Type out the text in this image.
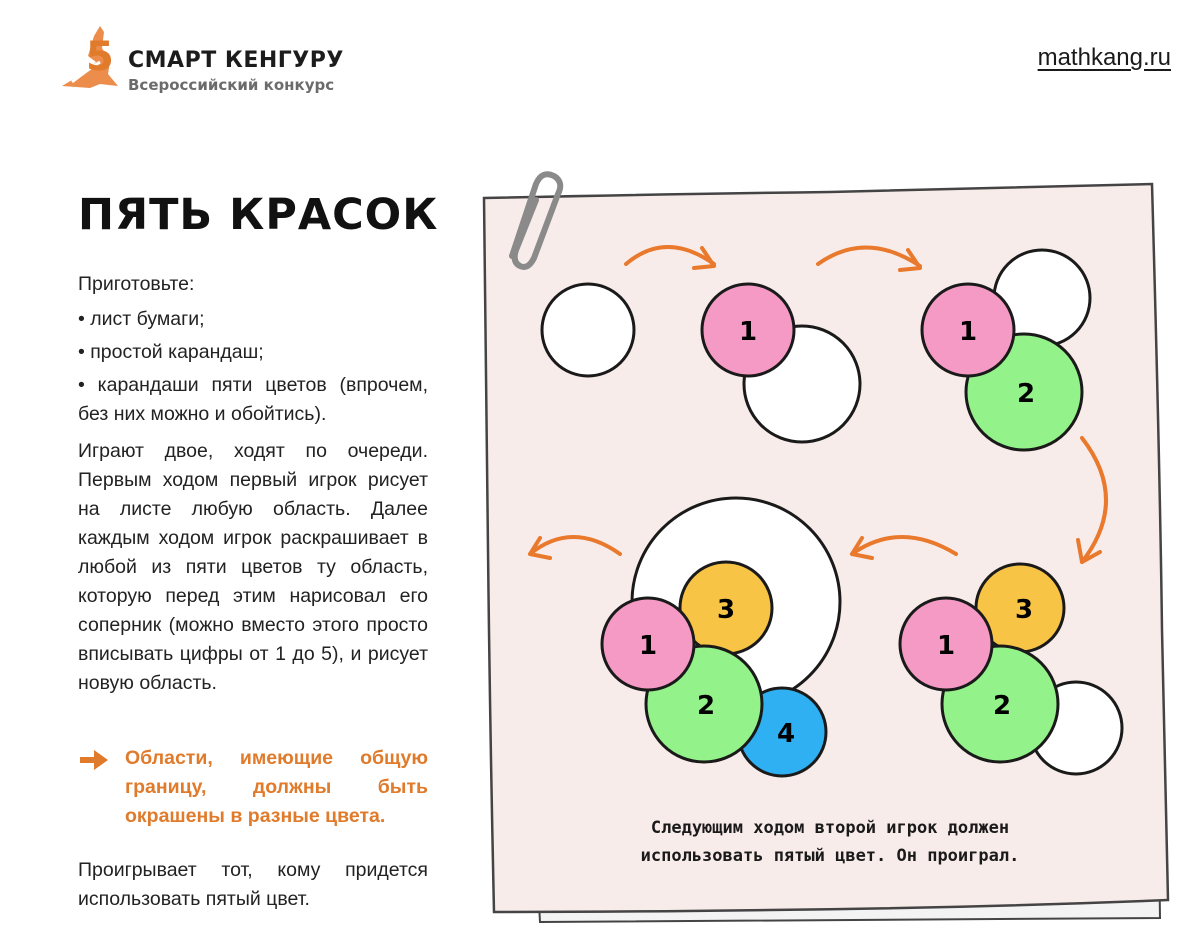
5 СМАРТ КЕНГУРУ
Всероссийский конкурс
mathkang.ru
ПЯТЬ КРАСОК

Приготовьте:

• лист бумаги;
• простой карандаш;
• карандаши пяти цветов (впрочем, без них можно и обойтись).

Играют двое, ходят по очереди. Первым ходом первый игрок рисует на листе любую область. Далее каждым ходом игрок раскрашивает в любой из пяти цветов ту область, которую перед этим нарисовал его соперник (можно вместо этого просто вписывать цифры от 1 до 5), и рисует новую область.

Области, имеющие общую границу, должны быть окрашены в разные цвета.

Проигрывает тот, кому придется использовать пятый цвет.

1	1
2
1
2
3
1
2
3
4

Следующим ходом второй игрок должен
использовать пятый цвет. Он проиграл.
